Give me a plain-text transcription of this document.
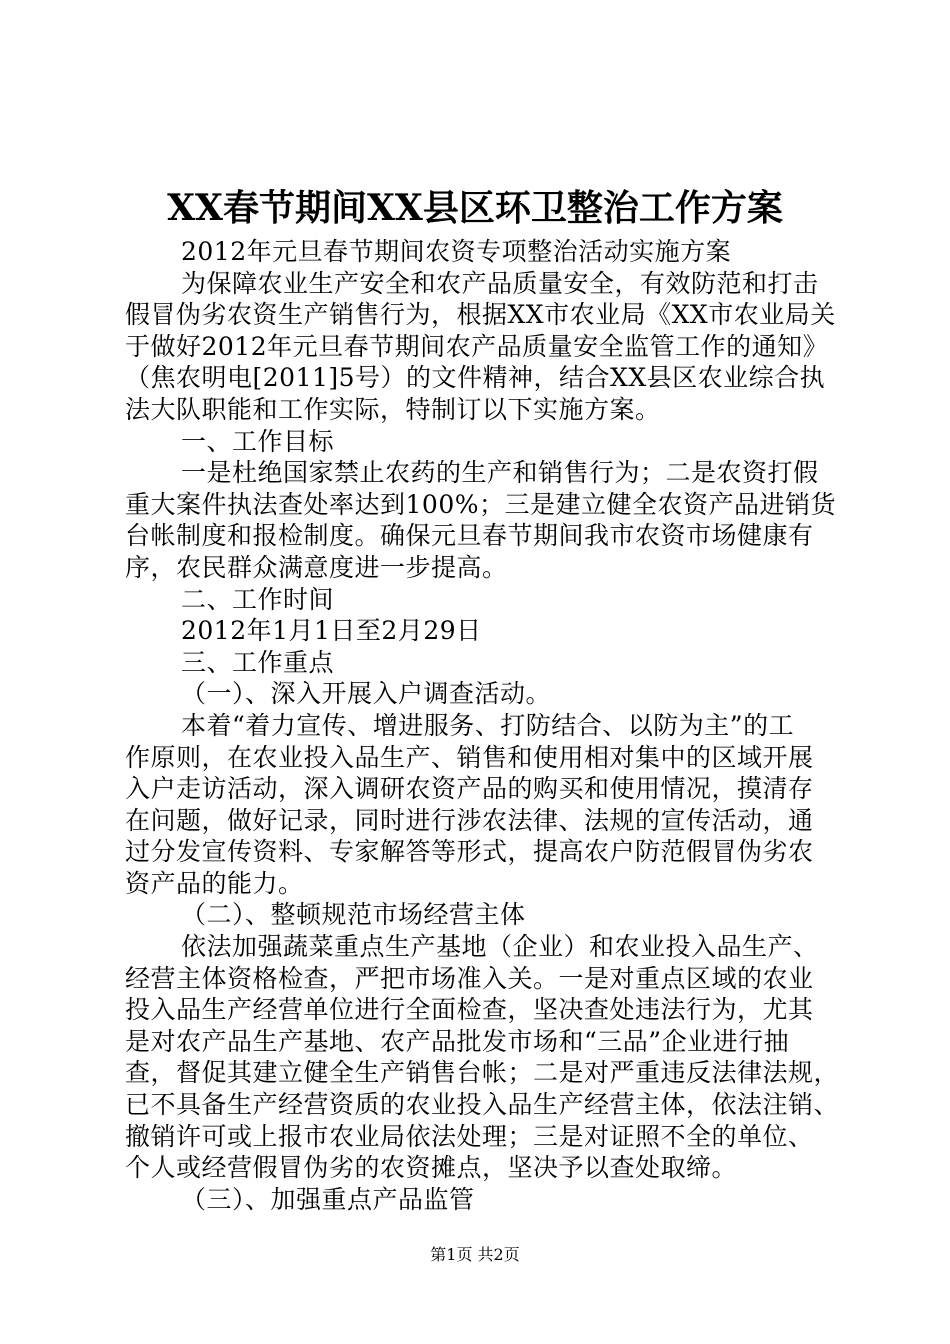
XX春节期间XX县区环卫整治工作方案
2012年元旦春节期间农资专项整治活动实施方案
为保障农业生产安全和农产品质量安全，有效防范和打击
假冒伪劣农资生产销售行为，根据XX市农业局《XX市农业局关
于做好2012年元旦春节期间农产品质量安全监管工作的通知》
（焦农明电[2011]5号）的文件精神，结合XX县区农业综合执
法大队职能和工作实际，特制订以下实施方案。
一、工作目标
一是杜绝国家禁止农药的生产和销售行为；二是农资打假
重大案件执法查处率达到100%；三是建立健全农资产品进销货
台帐制度和报检制度。确保元旦春节期间我市农资市场健康有
序，农民群众满意度进一步提高。
二、工作时间
2012年1月1日至2月29日
三、工作重点
（一）、深入开展入户调查活动。
本着“着力宣传、增进服务、打防结合、以防为主”的工
作原则，在农业投入品生产、销售和使用相对集中的区域开展
入户走访活动，深入调研农资产品的购买和使用情况，摸清存
在问题，做好记录，同时进行涉农法律、法规的宣传活动，通
过分发宣传资料、专家解答等形式，提高农户防范假冒伪劣农
资产品的能力。
（二）、整顿规范市场经营主体
依法加强蔬菜重点生产基地（企业）和农业投入品生产、
经营主体资格检查，严把市场准入关。一是对重点区域的农业
投入品生产经营单位进行全面检查，坚决查处违法行为，尤其
是对农产品生产基地、农产品批发市场和“三品”企业进行抽
查，督促其建立健全生产销售台帐；二是对严重违反法律法规，
已不具备生产经营资质的农业投入品生产经营主体，依法注销、
撤销许可或上报市农业局依法处理；三是对证照不全的单位、
个人或经营假冒伪劣的农资摊点，坚决予以查处取缔。
（三）、加强重点产品监管
第1页 共2页
